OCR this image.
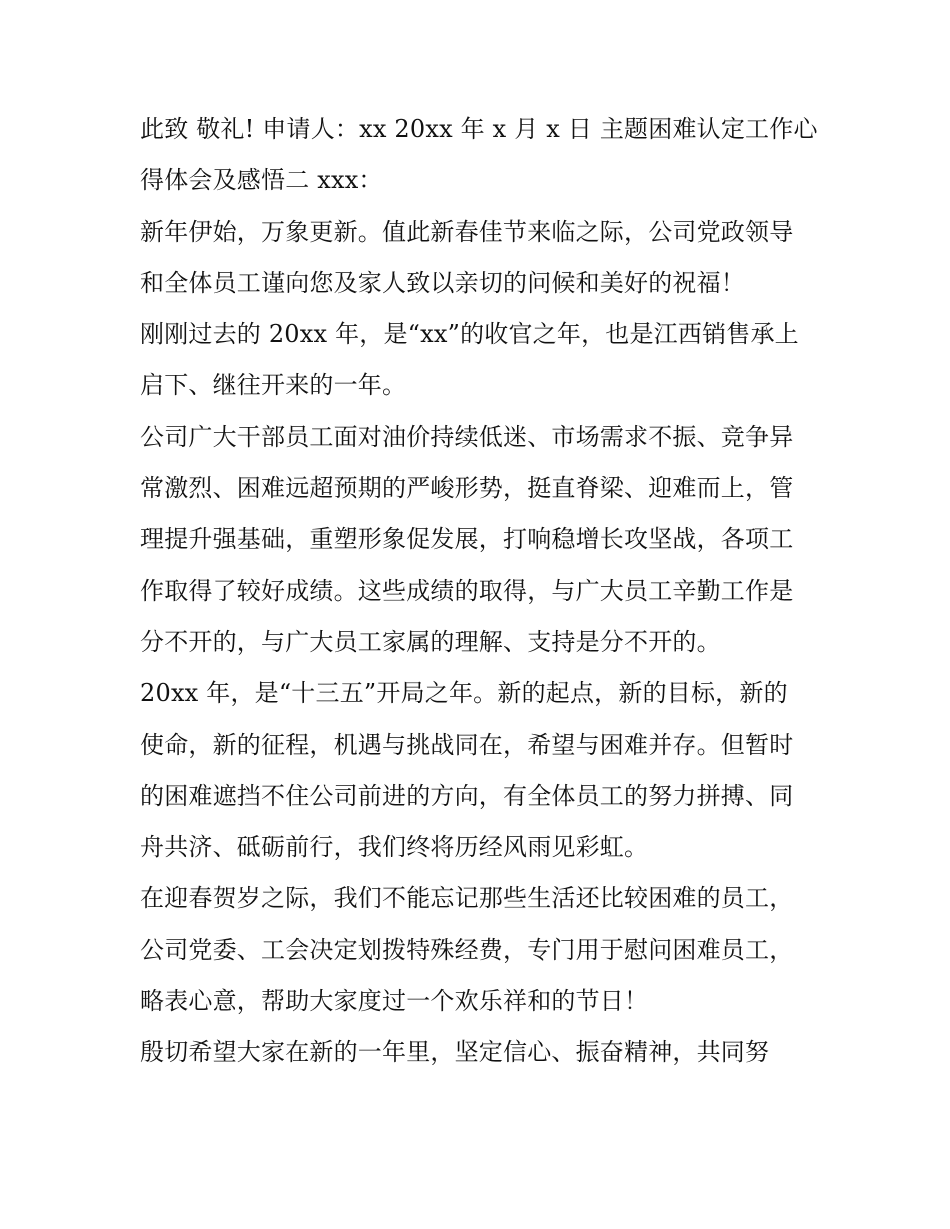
此致 敬礼! 申请人：xx 20xx 年 x 月 x 日 主题困难认定工作心
得体会及感悟二 xxx：
新年伊始，万象更新。值此新春佳节来临之际，公司党政领导
和全体员工谨向您及家人致以亲切的问候和美好的祝福！
刚刚过去的 20xx 年，是“xx”的收官之年，也是江西销售承上
启下、继往开来的一年。
公司广大干部员工面对油价持续低迷、市场需求不振、竞争异
常激烈、困难远超预期的严峻形势，挺直脊梁、迎难而上，管
理提升强基础，重塑形象促发展，打响稳增长攻坚战，各项工
作取得了较好成绩。这些成绩的取得，与广大员工辛勤工作是
分不开的，与广大员工家属的理解、支持是分不开的。
20xx 年，是“十三五”开局之年。新的起点，新的目标，新的
使命，新的征程，机遇与挑战同在，希望与困难并存。但暂时
的困难遮挡不住公司前进的方向，有全体员工的努力拼搏、同
舟共济、砥砺前行，我们终将历经风雨见彩虹。
在迎春贺岁之际，我们不能忘记那些生活还比较困难的员工，
公司党委、工会决定划拨特殊经费，专门用于慰问困难员工，
略表心意，帮助大家度过一个欢乐祥和的节日！
殷切希望大家在新的一年里，坚定信心、振奋精神，共同努
